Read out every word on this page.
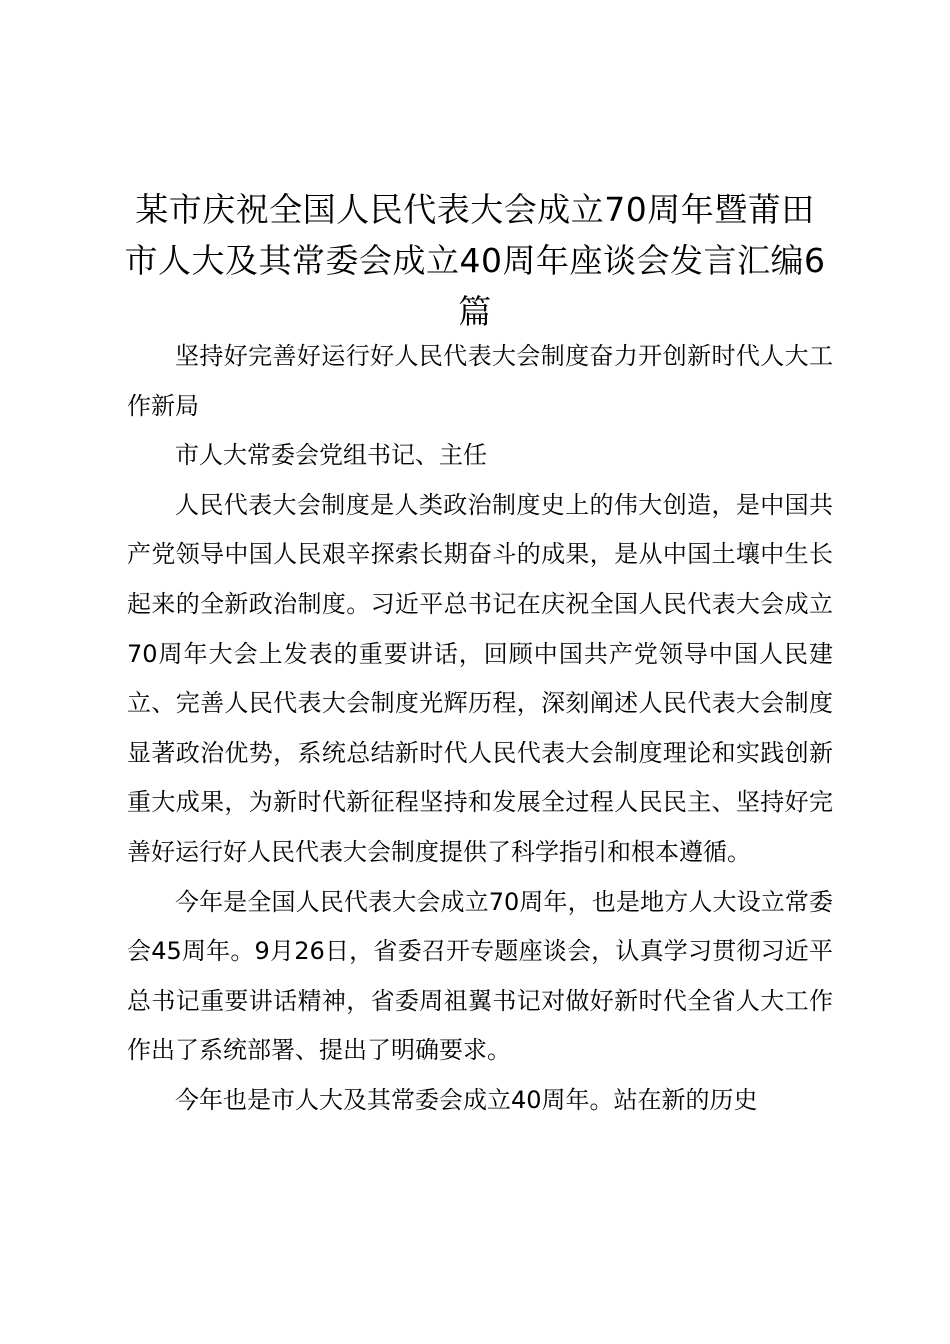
某市庆祝全国人民代表大会成立70周年暨莆田市人大及其常委会成立40周年座谈会发言汇编6篇

坚持好完善好运行好人民代表大会制度奋力开创新时代人大工作新局

市人大常委会党组书记、主任

人民代表大会制度是人类政治制度史上的伟大创造，是中国共产党领导中国人民艰辛探索长期奋斗的成果，是从中国土壤中生长起来的全新政治制度。习近平总书记在庆祝全国人民代表大会成立70周年大会上发表的重要讲话，回顾中国共产党领导中国人民建立、完善人民代表大会制度光辉历程，深刻阐述人民代表大会制度显著政治优势，系统总结新时代人民代表大会制度理论和实践创新重大成果，为新时代新征程坚持和发展全过程人民民主、坚持好完善好运行好人民代表大会制度提供了科学指引和根本遵循。

今年是全国人民代表大会成立70周年，也是地方人大设立常委会45周年。9月26日，省委召开专题座谈会，认真学习贯彻习近平总书记重要讲话精神，省委周祖翼书记对做好新时代全省人大工作作出了系统部署、提出了明确要求。

今年也是市人大及其常委会成立40周年。站在新的历史
